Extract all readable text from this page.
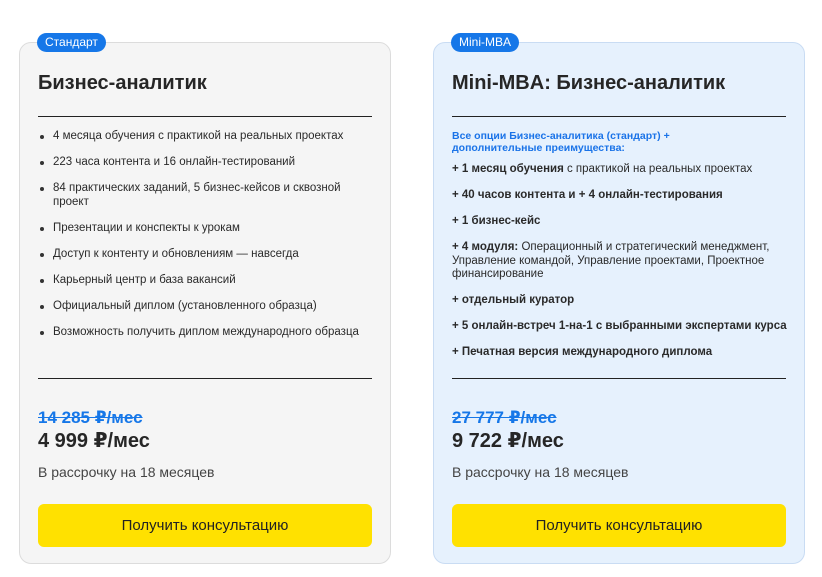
Стандарт
Бизнес-аналитик
4 месяца обучения с практикой на реальных проектах
223 часа контента и 16 онлайн-тестирований
84 практических заданий, 5 бизнес-кейсов и сквозной проект
Презентации и конспекты к урокам
Доступ к контенту и обновлениям — навсегда
Карьерный центр и база вакансий
Официальный диплом (установленного образца)
Возможность получить диплом международного образца
14 285 ₽/мес
4 999 ₽/мес
В рассрочку на 18 месяцев
Получить консультацию
Mini-MBA
Mini-MBA: Бизнес-аналитик
Все опции Бизнес-аналитика (стандарт) + дополнительные преимущества:
+ 1 месяц обучения с практикой на реальных проектах
+ 40 часов контента и + 4 онлайн-тестирования
+ 1 бизнес-кейс
+ 4 модуля: Операционный и стратегический менеджмент, Управление командой, Управление проектами, Проектное финансирование
+ отдельный куратор
+ 5 онлайн-встреч 1-на-1 с выбранными экспертами курса
+ Печатная версия международного диплома
27 777 ₽/мес
9 722 ₽/мес
В рассрочку на 18 месяцев
Получить консультацию
